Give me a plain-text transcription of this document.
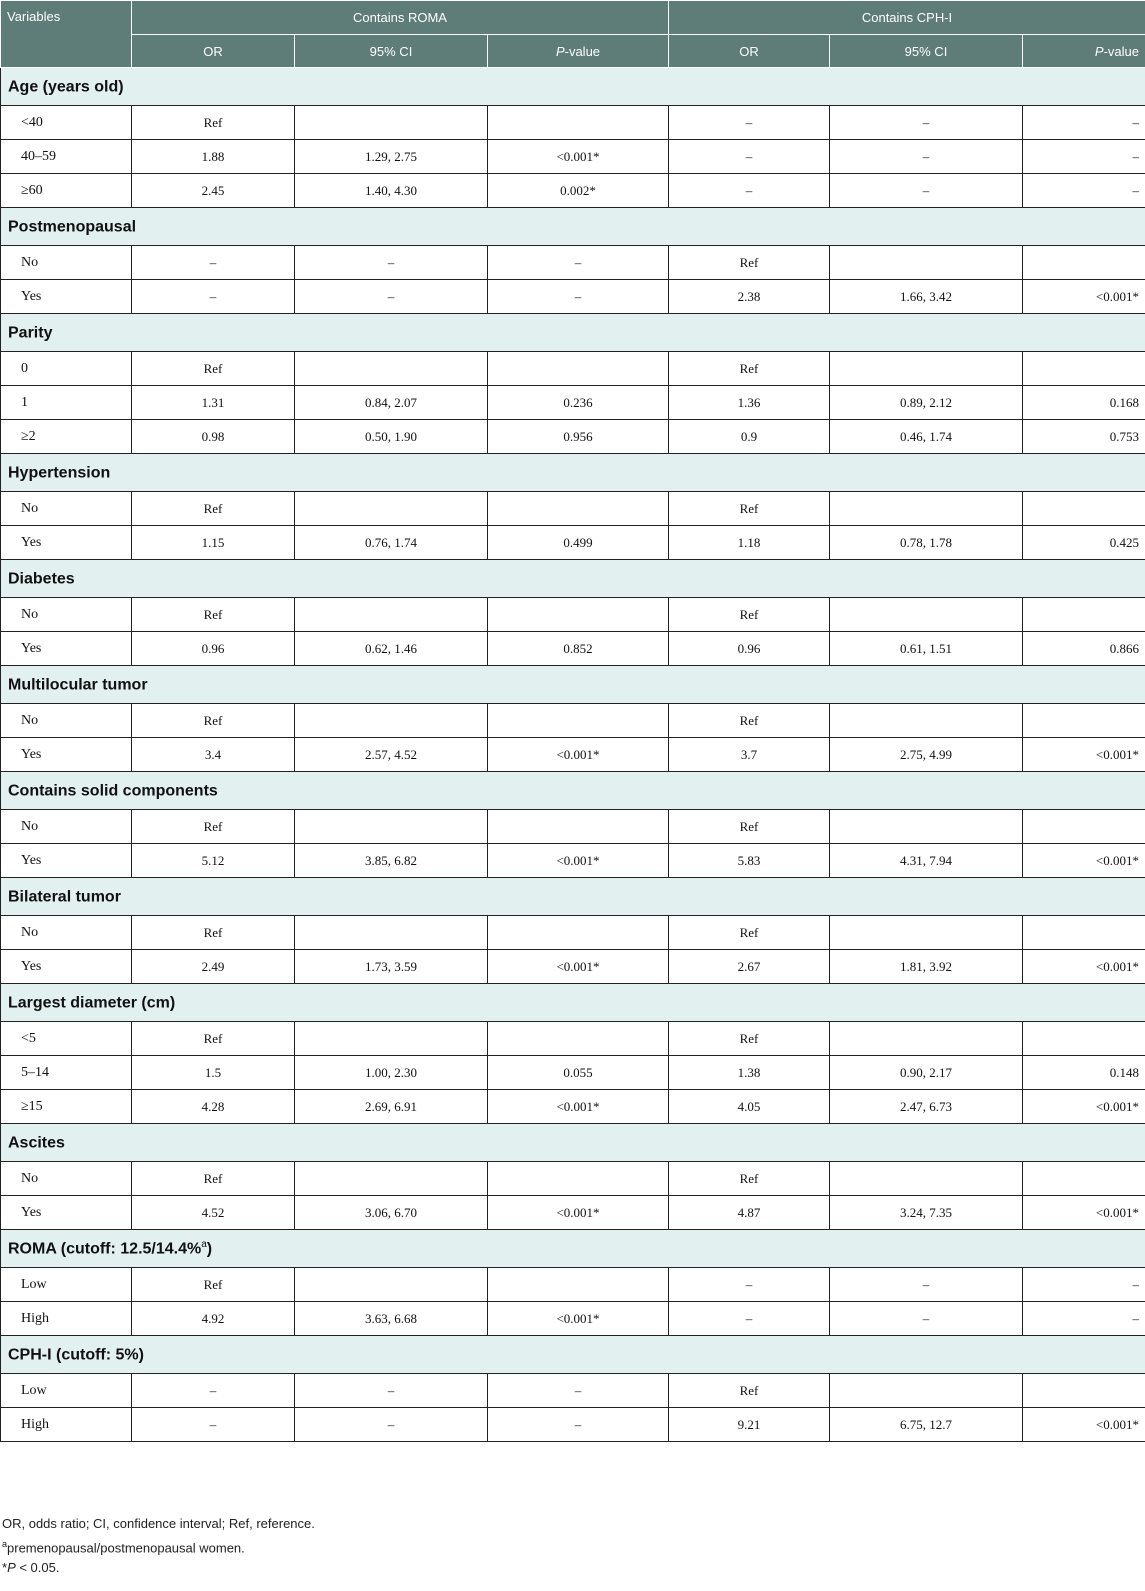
Variables	Contains ROMA			Contains CPH-I		
	OR	95% CI	P-value	OR	95% CI	P-value
Age (years old)						
<40	Ref			–	–	–
40–59	1.88	1.29, 2.75	<0.001*	–	–	–
≥60	2.45	1.40, 4.30	0.002*	–	–	–
Postmenopausal						
No	–	–	–	Ref		
Yes	–	–	–	2.38	1.66, 3.42	<0.001*
Parity						
0	Ref			Ref		
1	1.31	0.84, 2.07	0.236	1.36	0.89, 2.12	0.168
≥2	0.98	0.50, 1.90	0.956	0.9	0.46, 1.74	0.753
Hypertension						
No	Ref			Ref		
Yes	1.15	0.76, 1.74	0.499	1.18	0.78, 1.78	0.425
Diabetes						
No	Ref			Ref		
Yes	0.96	0.62, 1.46	0.852	0.96	0.61, 1.51	0.866
Multilocular tumor						
No	Ref			Ref		
Yes	3.4	2.57, 4.52	<0.001*	3.7	2.75, 4.99	<0.001*
Contains solid components						
No	Ref			Ref		
Yes	5.12	3.85, 6.82	<0.001*	5.83	4.31, 7.94	<0.001*
Bilateral tumor						
No	Ref			Ref		
Yes	2.49	1.73, 3.59	<0.001*	2.67	1.81, 3.92	<0.001*
Largest diameter (cm)						
<5	Ref			Ref		
5–14	1.5	1.00, 2.30	0.055	1.38	0.90, 2.17	0.148
≥15	4.28	2.69, 6.91	<0.001*	4.05	2.47, 6.73	<0.001*
Ascites						
No	Ref			Ref		
Yes	4.52	3.06, 6.70	<0.001*	4.87	3.24, 7.35	<0.001*
ROMA (cutoff: 12.5/14.4%$^a$)						
Low	Ref			–	–	–
High	4.92	3.63, 6.68	<0.001*	–	–	–
CPH-I (cutoff: 5%)						
Low	–	–	–	Ref		
High	–	–	–	9.21	6.75, 12.7	<0.001*
OR, odds ratio; CI, confidence interval; Ref, reference.
$^a$premenopausal/postmenopausal women.
*P < 0.05.
